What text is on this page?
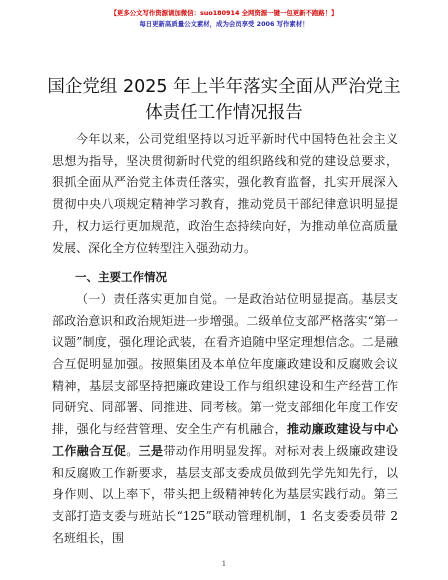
【更多公文写作资源请加微信：suo180914 全网资源一键一包更新不跑路！】
每日更新高质量公文素材，成为会员享受 2006 写作素材！
国企党组 2025 年上半年落实全面从严治党主体责任工作情况报告

今年以来，公司党组坚持以习近平新时代中国特色社会主义思想为指导，坚决贯彻新时代党的组织路线和党的建设总要求，狠抓全面从严治党主体责任落实，强化教育监督，扎实开展深入贯彻中央八项规定精神学习教育，推动党员干部纪律意识明显提升，权力运行更加规范，政治生态持续向好，为推动单位高质量发展、深化全方位转型注入强劲动力。

一、主要工作情况

（一）责任落实更加自觉。一是政治站位明显提高。基层支部政治意识和政治规矩进一步增强。二级单位支部严格落实“第一议题”制度，强化理论武装，在看齐追随中坚定理想信念。二是融合互促明显加强。按照集团及本单位年度廉政建设和反腐败会议精神，基层支部坚持把廉政建设工作与组织建设和生产经营工作同研究、同部署、同推进、同考核。第一党支部细化年度工作安排，强化与经营管理、安全生产有机融合，推动廉政建设与中心工作融合互促。三是带动作用明显发挥。对标对表上级廉政建设和反腐败工作新要求，基层支部支委成员做到先学先知先行，以身作则、以上率下，带头把上级精神转化为基层实践行动。第三支部打造支委与班站长“125”联动管理机制，1 名支委委员带 2 名班组长，围

1
